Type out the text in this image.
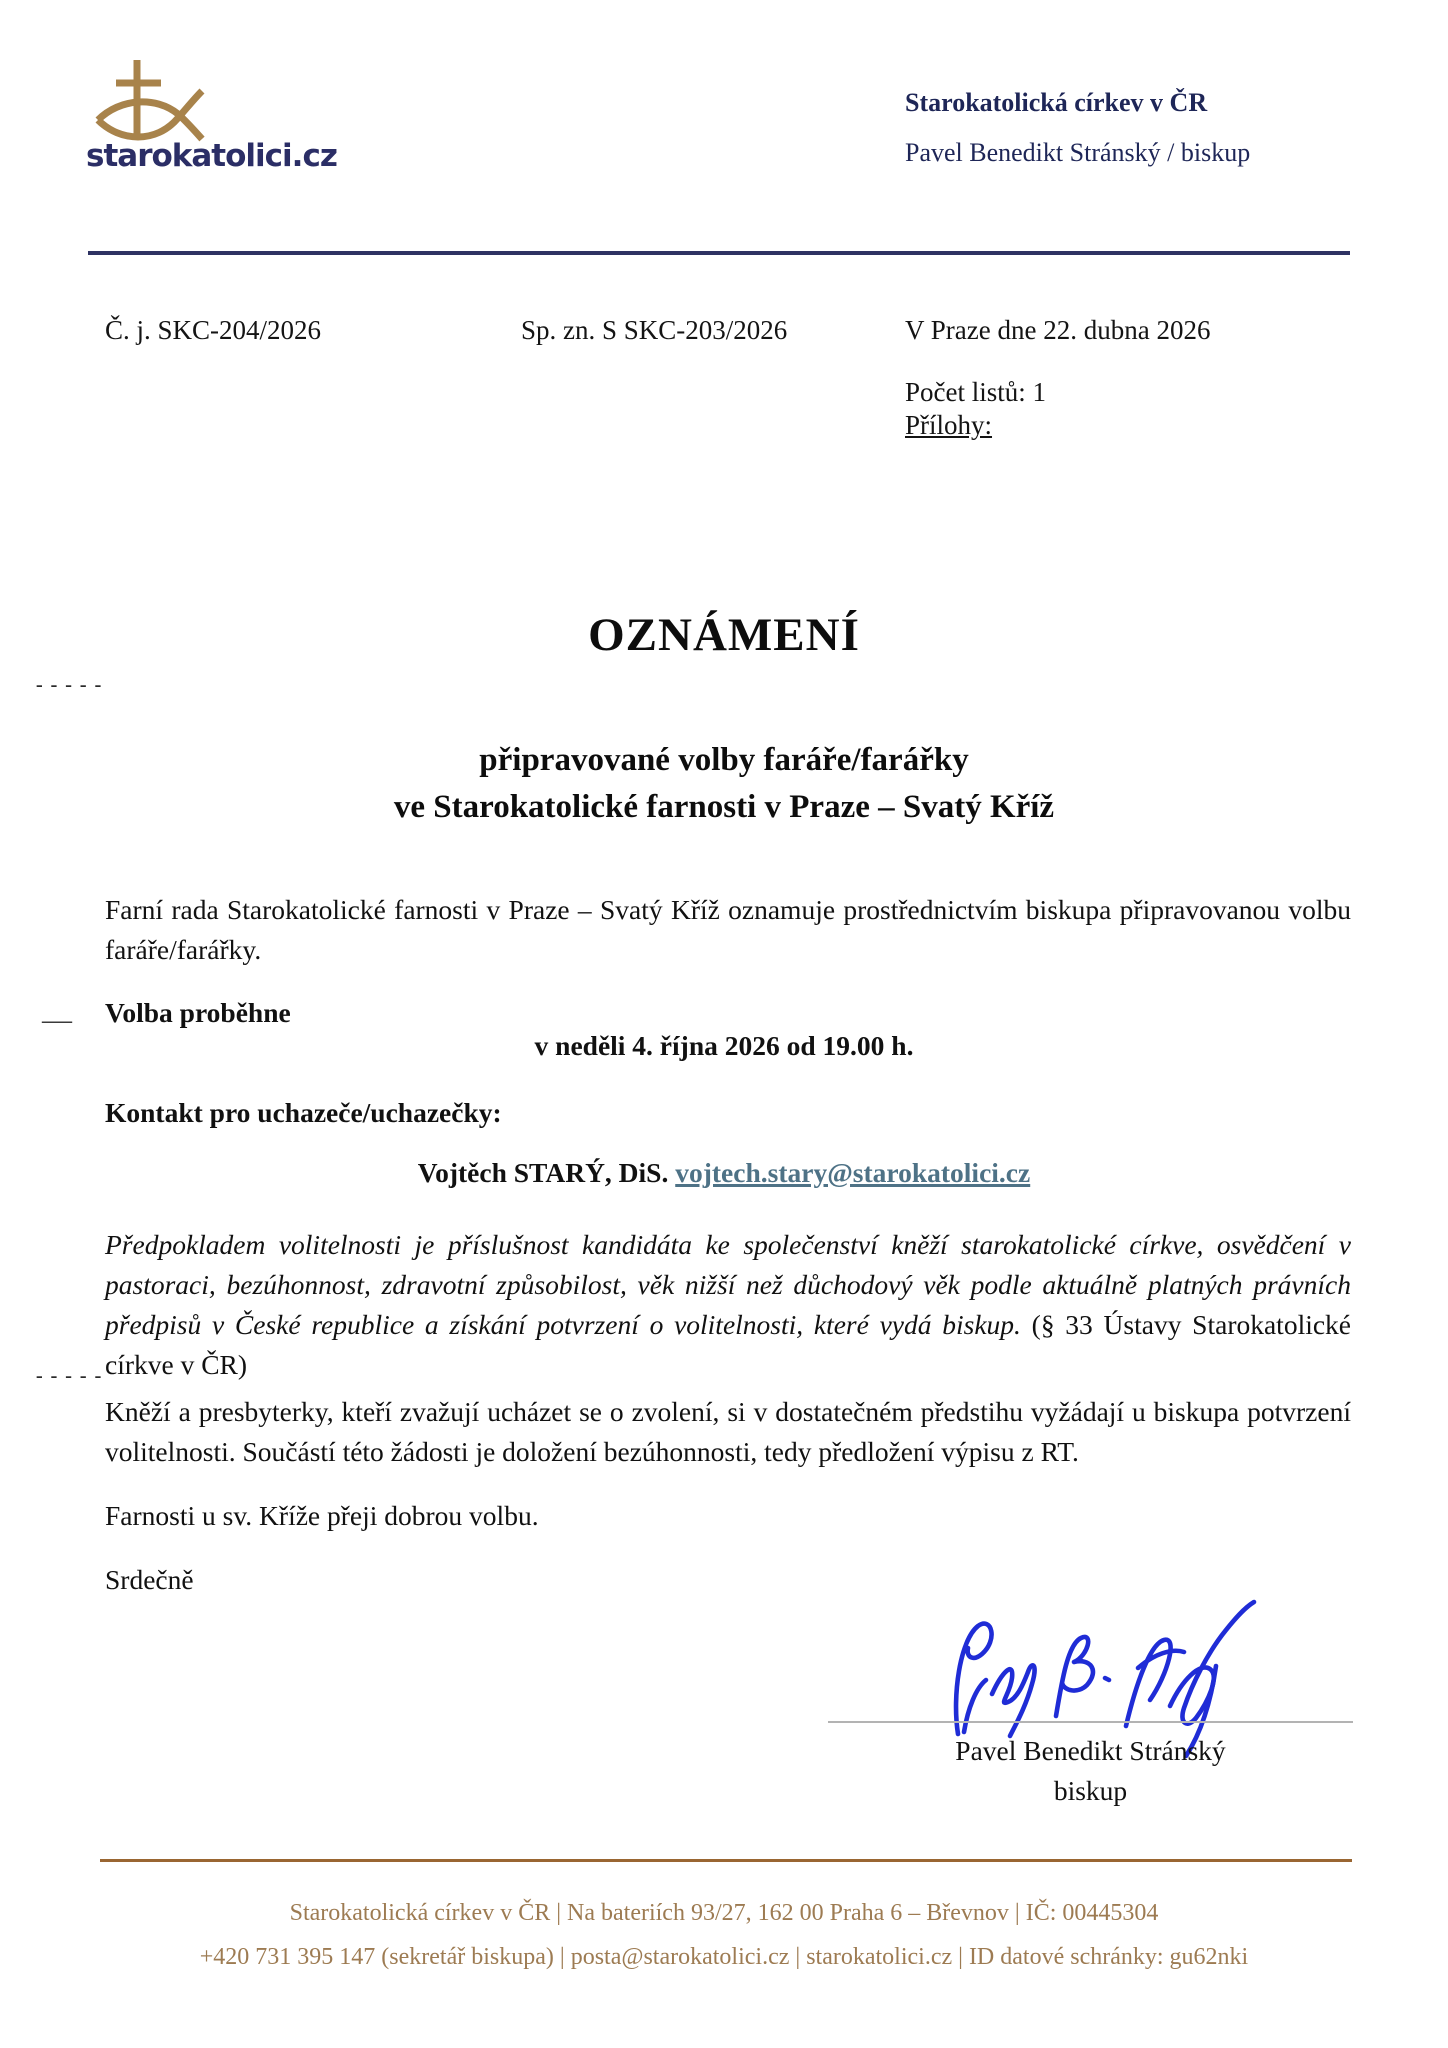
starokatolici.cz
Starokatolická církev v ČR
Pavel Benedikt Stránský / biskup
Č. j. SKC-204/2026	Sp. zn. S SKC-203/2026	V Praze dne 22. dubna 2026
Počet listů: 1
Přílohy:
-----
—
-----
OZNÁMENÍ
připravované volby faráře/farářky
ve Starokatolické farnosti v Praze – Svatý Kříž

Farní rada Starokatolické farnosti v Praze – Svatý Kříž oznamuje prostřednictvím biskupa připravovanou volbu faráře/farářky.

Volba proběhne
v neděli 4. října 2026 od 19.00 h.
Kontakt pro uchazeče/uchazečky:
Vojtěch STARÝ, DiS. vojtech.stary@starokatolici.cz

Předpokladem volitelnosti je příslušnost kandidáta ke společenství kněží starokatolické církve, osvědčení v pastoraci, bezúhonnost, zdravotní způsobilost, věk nižší než důchodový věk podle aktuálně platných právních předpisů v České republice a získání potvrzení o volitelnosti, které vydá biskup. (§ 33 Ústavy Starokatolické církve v ČR)

Kněží a presbyterky, kteří zvažují ucházet se o zvolení, si v dostatečném předstihu vyžádají u biskupa potvrzení volitelnosti. Součástí této žádosti je doložení bezúhonnosti, tedy předložení výpisu z RT.

Farnosti u sv. Kříže přeji dobrou volbu.

Srdečně

Pavel Benedikt Stránský
biskup
Starokatolická církev v ČR | Na bateriích 93/27, 162 00 Praha 6 – Břevnov | IČ: 00445304
+420 731 395 147 (sekretář biskupa) | posta@starokatolici.cz | starokatolici.cz | ID datové schránky: gu62nki
